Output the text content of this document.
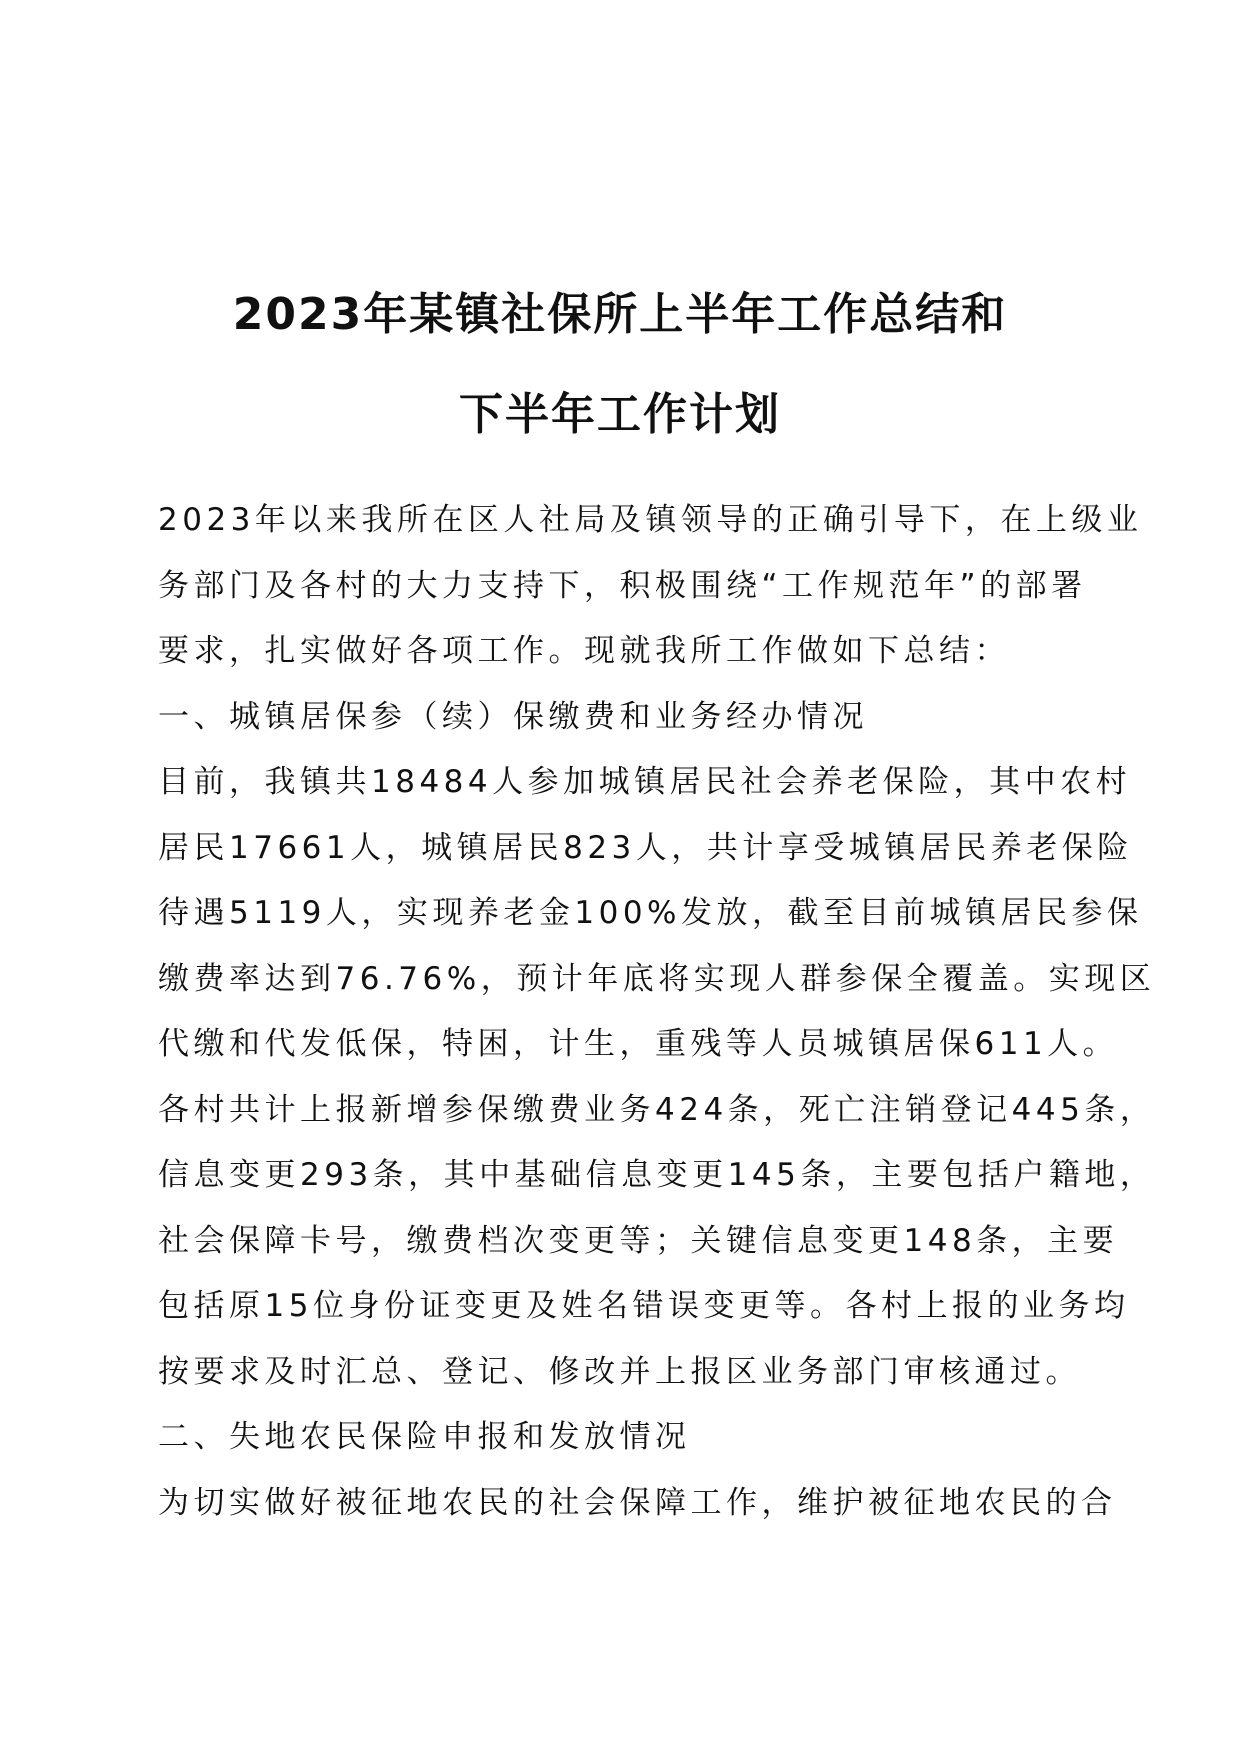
2023年某镇社保所上半年工作总结和
下半年工作计划
2023年以来我所在区人社局及镇领导的正确引导下，在上级业
务部门及各村的大力支持下，积极围绕“工作规范年”的部署
要求，扎实做好各项工作。现就我所工作做如下总结：
一、城镇居保参（续）保缴费和业务经办情况
目前，我镇共18484人参加城镇居民社会养老保险，其中农村
居民17661人，城镇居民823人，共计享受城镇居民养老保险
待遇5119人，实现养老金100%发放，截至目前城镇居民参保
缴费率达到76.76%，预计年底将实现人群参保全覆盖。实现区
代缴和代发低保，特困，计生，重残等人员城镇居保611人。
各村共计上报新增参保缴费业务424条，死亡注销登记445条，
信息变更293条，其中基础信息变更145条，主要包括户籍地，
社会保障卡号，缴费档次变更等；关键信息变更148条，主要
包括原15位身份证变更及姓名错误变更等。各村上报的业务均
按要求及时汇总、登记、修改并上报区业务部门审核通过。
二、失地农民保险申报和发放情况
为切实做好被征地农民的社会保障工作，维护被征地农民的合
